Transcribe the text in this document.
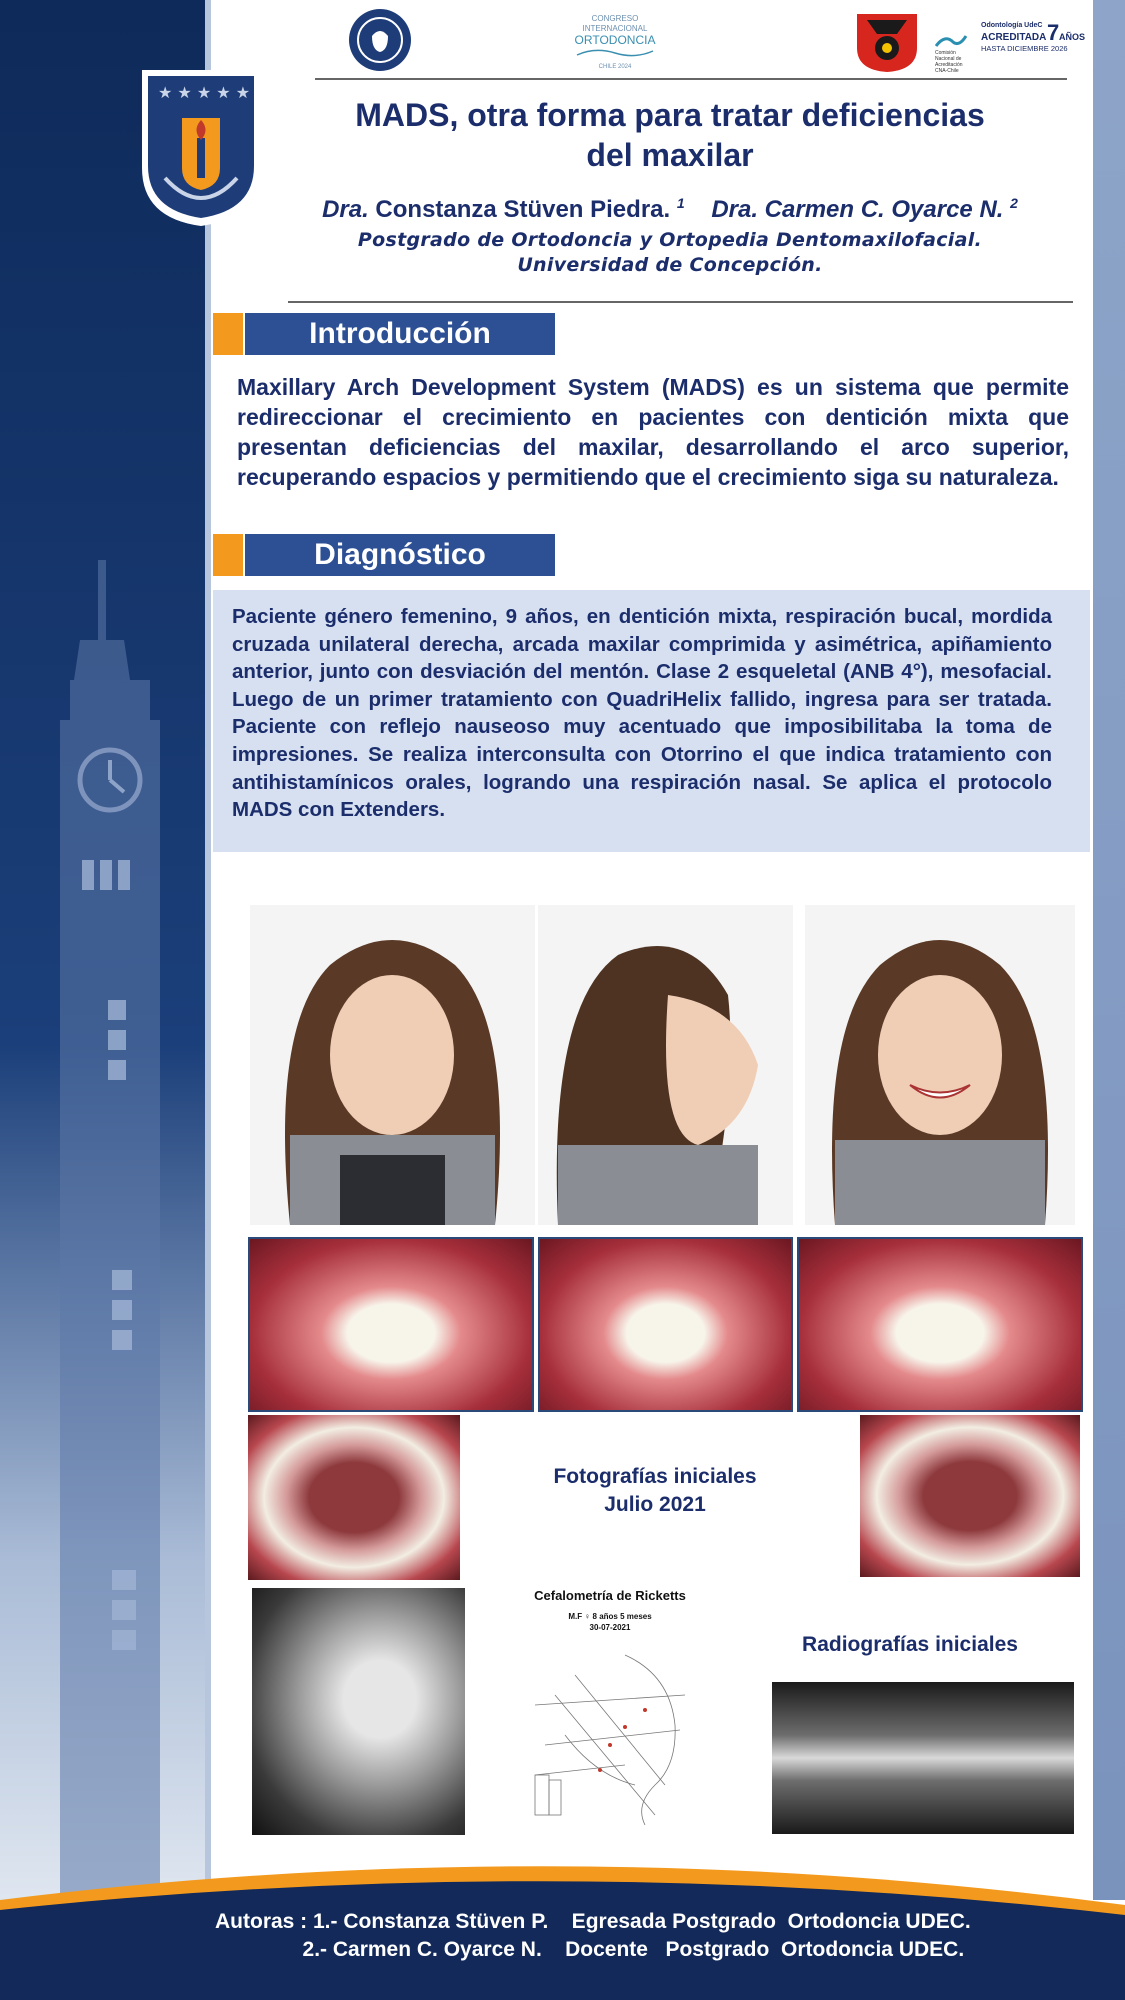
★ ★ ★ ★ ★
CONGRESO
INTERNACIONAL
ORTODONCIA
CHILE 2024
Comisión Nacional de Acreditación CNA-Chile
Odontología UdeC
ACREDITADA 7 AÑOS
HASTA DICIEMBRE 2026
MADS, otra forma para tratar deficiencias
del maxilar
Dra. Constanza Stüven Piedra. $^1$ Dra. Carmen C. Oyarce N. $^2$
Postgrado de Ortodoncia y Ortopedia Dentomaxilofacial.
Universidad de Concepción.
Introducción
Maxillary Arch Development System (MADS) es un sistema que permite redireccionar el crecimiento en pacientes con dentición mixta que presentan deficiencias del maxilar, desarrollando el arco superior, recuperando espacios y permitiendo que el crecimiento siga su naturaleza.
Diagnóstico
Paciente género femenino, 9 años, en dentición mixta, respiración bucal, mordida cruzada unilateral derecha, arcada maxilar comprimida y asimétrica, apiñamiento anterior, junto con desviación del mentón. Clase 2 esqueletal (ANB 4°), mesofacial. Luego de un primer tratamiento con QuadriHelix fallido, ingresa para ser tratada. Paciente con reflejo nauseoso muy acentuado que imposibilitaba la toma de impresiones. Se realiza interconsulta con Otorrino el que indica tratamiento con antihistamínicos orales, logrando una respiración nasal. Se aplica el protocolo MADS con Extenders.
Fotografías iniciales
Julio 2021
Cefalometría de Ricketts
M.F ♀ 8 años 5 meses
30-07-2021
Radiografías iniciales
Autoras : 1.- Constanza Stüven P.    Egresada Postgrado  Ortodoncia UDEC.
2.- Carmen C. Oyarce N.    Docente   Postgrado  Ortodoncia UDEC.
